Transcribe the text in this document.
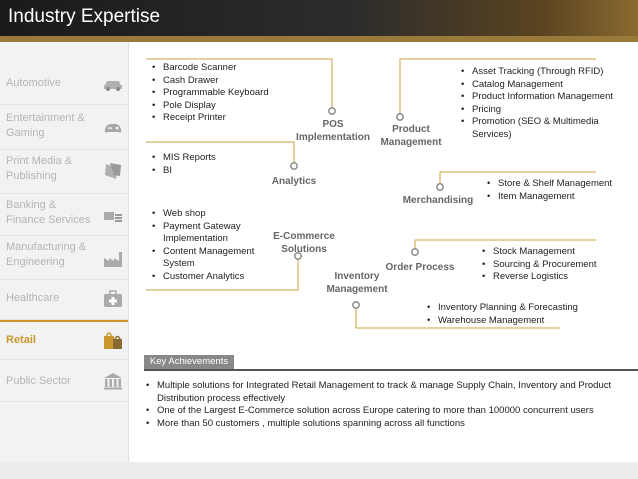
Industry Expertise
Automotive
Entertainment & Gaming
Print Media & Publishing
Banking & Finance Services
Manufacturing & Engineering
Healthcare
Retail
Public Sector
POS Implementation
Product Management
Analytics
Merchandising
E-Commerce Solutions
Order Process
Inventory Management
• Barcode Scanner
• Cash Drawer
• Programmable Keyboard
• Pole Display
• Receipt Printer
• Asset Tracking (Through RFID)
• Catalog Management
• Product Information Management
• Pricing
• Promotion (SEO & Multimedia Services)
• MIS Reports
• BI
• Store & Shelf Management
• Item Management
• Web shop
• Payment Gateway Implementation
• Content Management System
• Customer Analytics
• Stock Management
• Sourcing & Procurement
• Reverse Logistics
• Inventory Planning & Forecasting
• Warehouse Management
Key Achievements
• Multiple solutions for Integrated Retail Management to track & manage Supply Chain, Inventory and Product Distribution process effectively
• One of the Largest E-Commerce solution across Europe catering to more than 100000 concurrent users
• More than 50 customers , multiple solutions spanning across all functions
